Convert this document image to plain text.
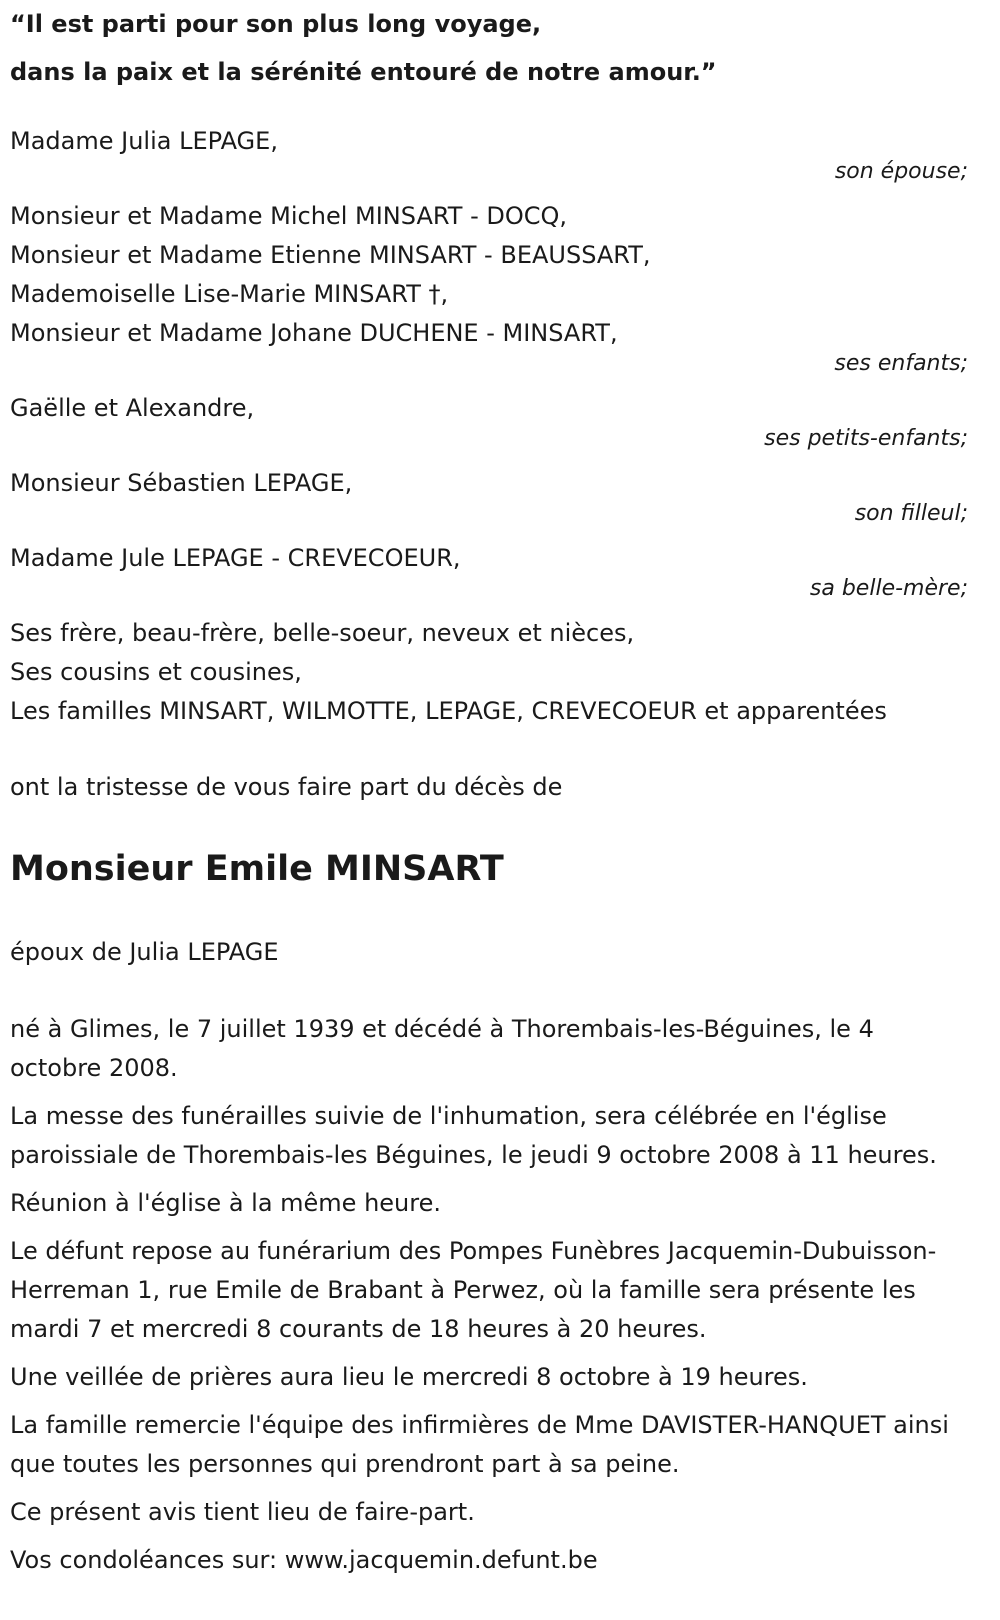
“Il est parti pour son plus long voyage,

dans la paix et la sérénité entouré de notre amour.”

Madame Julia LEPAGE,

son épouse;

Monsieur et Madame Michel MINSART - DOCQ,

Monsieur et Madame Etienne MINSART - BEAUSSART,

Mademoiselle Lise-Marie MINSART †,

Monsieur et Madame Johane DUCHENE - MINSART,

ses enfants;

Gaëlle et Alexandre,

ses petits-enfants;

Monsieur Sébastien LEPAGE,

son filleul;

Madame Jule LEPAGE - CREVECOEUR,

sa belle-mère;

Ses frère, beau-frère, belle-soeur, neveux et nièces,

Ses cousins et cousines,

Les familles MINSART, WILMOTTE, LEPAGE, CREVECOEUR et apparentées

ont la tristesse de vous faire part du décès de

Monsieur Emile MINSART

époux de Julia LEPAGE

né à Glimes, le 7 juillet 1939 et décédé à Thorembais-les-Béguines, le 4 octobre 2008.

La messe des funérailles suivie de l'inhumation, sera célébrée en l'église paroissiale de Thorembais-les Béguines, le jeudi 9 octobre 2008 à 11 heures.

Réunion à l'église à la même heure.

Le défunt repose au funérarium des Pompes Funèbres Jacquemin-Dubuisson-Herreman 1, rue Emile de Brabant à Perwez, où la famille sera présente les mardi 7 et mercredi 8 courants de 18 heures à 20 heures.

Une veillée de prières aura lieu le mercredi 8 octobre à 19 heures.

La famille remercie l'équipe des infirmières de Mme DAVISTER-HANQUET ainsi que toutes les personnes qui prendront part à sa peine.

Ce présent avis tient lieu de faire-part.

Vos condoléances sur: www.jacquemin.defunt.be
